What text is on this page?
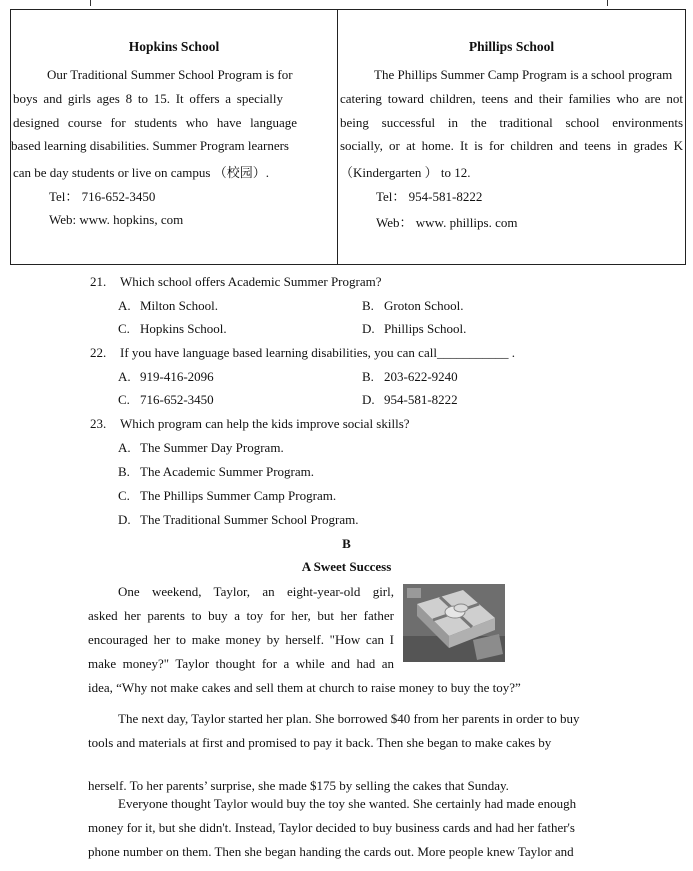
Hopkins School
Our Traditional Summer School Program is for
boys and girls ages 8 to 15. It offers a specially
designed course for students who have language
based learning disabilities. Summer Program learners
can be day students or live on campus （校园）.
Tel： 716-652-3450
Web: www. hopkins, com
Phillips School
The Phillips Summer Camp Program is a school program
catering toward children, teens and their families who are not
being successful in the traditional school environments
socially, or at home. It is for children and teens in grades K
（Kindergarten ） to 12.
Tel： 954-581-8222
Web： www. phillips. com
21. Which school offers Academic Summer Program?
A. Milton School.	B. Groton School.
C. Hopkins School.	D. Phillips School.
22. If you have language based learning disabilities, you can call___________ .
A. 919-416-2096	B. 203-622-9240
C. 716-652-3450	D. 954-581-8222
23. Which program can help the kids improve social skills?
A. The Summer Day Program.
B. The Academic Summer Program.
C. The Phillips Summer Camp Program.
D. The Traditional Summer School Program.
B
A Sweet Success
One weekend, Taylor, an eight-year-old girl,
asked her parents to buy a toy for her, but her father
encouraged her to make money by herself. "How can I
make money?" Taylor thought for a while and had an
idea, “Why not make cakes and sell them at church to raise money to buy the toy?”
The next day, Taylor started her plan. She borrowed $40 from her parents in order to buy
tools and materials at first and promised to pay it back. Then she began to make cakes by
herself. To her parents’ surprise, she made $175 by selling the cakes that Sunday.
Everyone thought Taylor would buy the toy she wanted. She certainly had made enough
money for it, but she didn't. Instead, Taylor decided to buy business cards and had her father's
phone number on them. Then she began handing the cards out. More people knew Taylor and
